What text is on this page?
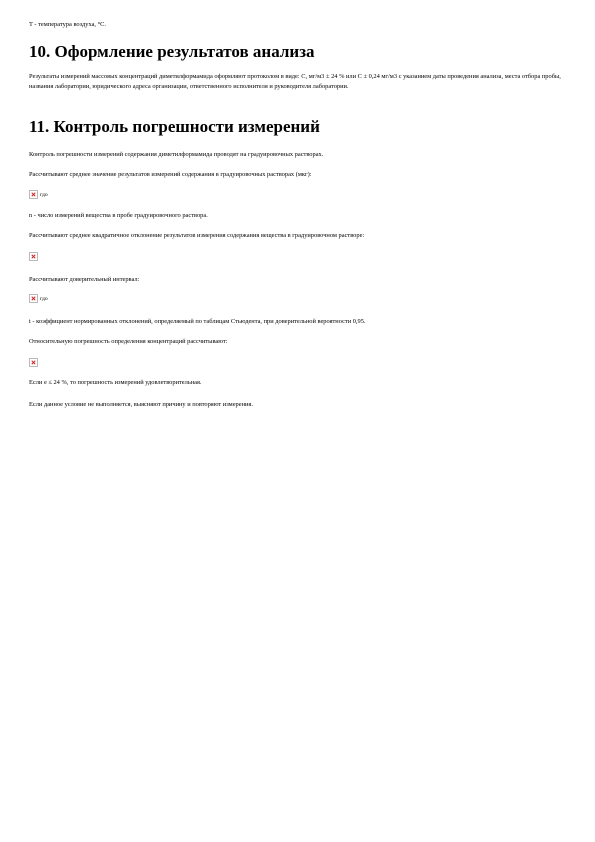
T - температура воздуха, °С.

10. Оформление результатов анализа

Результаты измерений массовых концентраций диметилформамида оформляют протоколом в виде: С, мг/м3 ± 24 % или С ± 0,24 мг/м3 с указанием даты проведения анализа, места отбора пробы, названия лаборатории, юридического адреса организации, ответственного исполнителя и руководителя лаборатории.

11. Контроль погрешности измерений

Контроль погрешности измерений содержания диметилформамида проводят на градуировочных растворах.

Рассчитывают среднее значение результатов измерений содержания в градуировочных растворах (мкг):

гдо

n - число измерений вещества в пробе градуировочного раствора.

Рассчитывают среднее квадратичное отклонение результатов измерения содержания вещества в градуировочном растворе:

Рассчитывают доверительный интервал:

гдо

t - коэффициент нормированных отклонений, определяемый по таблицам Стьюдента, при доверительной вероятности 0,95.

Относительную погрешность определения концентраций рассчитывают:

Если e ≤ 24 %, то погрешность измерений удовлетворительная.

Если данное условие не выполняется, выясняют причину и повторяют измерения.
